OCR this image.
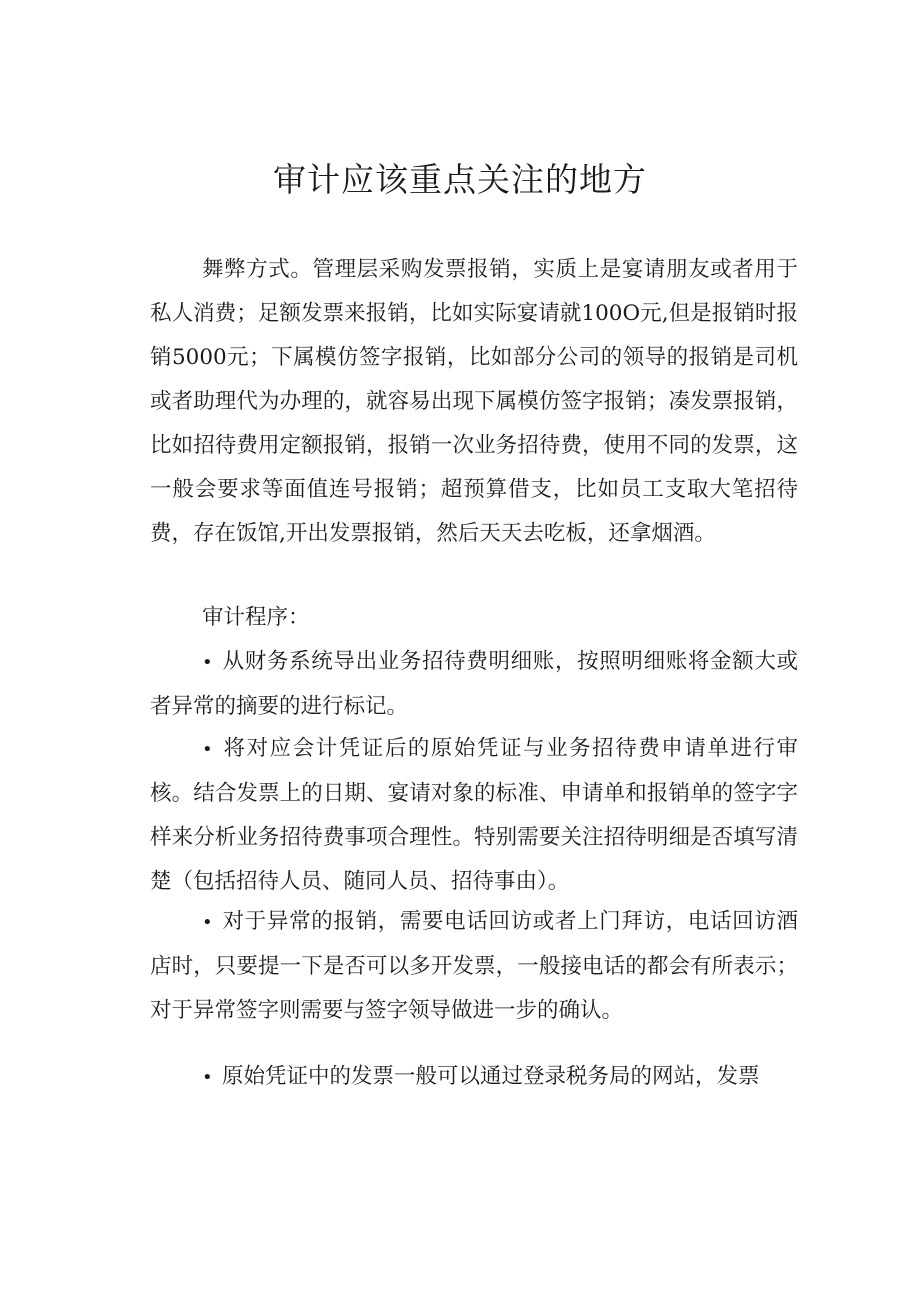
审计应该重点关注的地方

舞弊方式。管理层采购发票报销，实质上是宴请朋友或者用于私人消费；足额发票来报销，比如实际宴请就100O元,但是报销时报销5000元；下属模仿签字报销，比如部分公司的领导的报销是司机或者助理代为办理的，就容易出现下属模仿签字报销；凑发票报销，比如招待费用定额报销，报销一次业务招待费，使用不同的发票，这一般会要求等面值连号报销；超预算借支，比如员工支取大笔招待费，存在饭馆,开出发票报销，然后天天去吃板，还拿烟酒。

审计程序：

• 从财务系统导出业务招待费明细账，按照明细账将金额大或者异常的摘要的进行标记。

• 将对应会计凭证后的原始凭证与业务招待费申请单进行审核。结合发票上的日期、宴请对象的标准、申请单和报销单的签字字样来分析业务招待费事项合理性。特别需要关注招待明细是否填写清楚（包括招待人员、随同人员、招待事由）。

• 对于异常的报销，需要电话回访或者上门拜访，电话回访酒店时，只要提一下是否可以多开发票，一般接电话的都会有所表示；对于异常签字则需要与签字领导做进一步的确认。

• 原始凭证中的发票一般可以通过登录税务局的网站，发票
